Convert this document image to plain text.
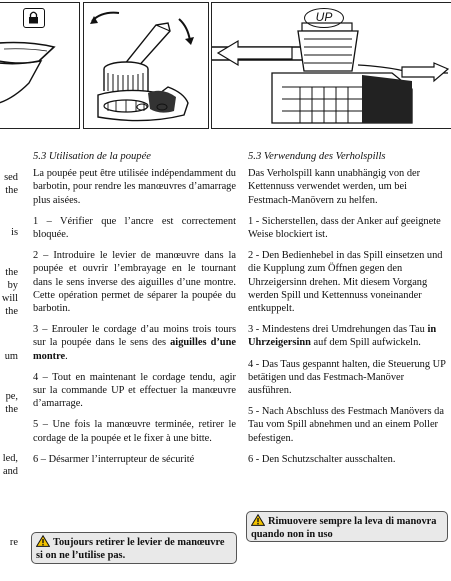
UP
sed
the
is
the
by
will
the
um
pe,
the
led,
and
re
5.3 Utilisation de la poupée
La poupée peut être utilisée indépendamment du barbotin, pour rendre les manœuvres d’amarrage plus aisées.
1 – Vérifier que l’ancre est correctement bloquée.
2 – Introduire le levier de manœuvre dans la poupée et ouvrir l’embrayage en le tournant dans le sens inverse des aiguilles d’une montre. Cette opération permet de séparer la poupée du barbotin.
3 – Enrouler le cordage d’au moins trois tours sur la poupée dans le sens des aiguilles d’une montre.
4 – Tout en maintenant le cordage tendu, agir sur la commande UP et effectuer la manœuvre d’amarrage.
5 – Une fois la manœuvre terminée, retirer le cordage de la poupée et le fixer à une bitte.
6 – Désarmer l’interrupteur de sécurité
Toujours retirer le levier de manœuvre si on ne l’utilise pas.
5.3 Verwendung des Verholspills
Das Verholspill kann unabhängig von der Kettennuss verwendet werden, um bei Festmach-Manövern zu helfen.
1 - Sicherstellen, dass der Anker auf geeignete Weise blockiert ist.
2 - Den Bedienhebel in das Spill einsetzen und die Kupplung zum Öffnen gegen den Uhrzeigersinn drehen. Mit diesem Vorgang werden Spill und Kettennuss voneinander entkuppelt.
3 - Mindestens drei Umdrehungen das Tau in Uhrzeigersinn auf dem Spill aufwickeln.
4 - Das Taus gespannt halten, die Steuerung UP betätigen und das Festmach-Manöver ausführen.
5 - Nach Abschluss des Festmach Manövers da Tau vom Spill abnehmen und an einem Poller befestigen.
6 - Den Schutzschalter ausschalten.
Rimuovere sempre la leva di manovra quando non in uso
